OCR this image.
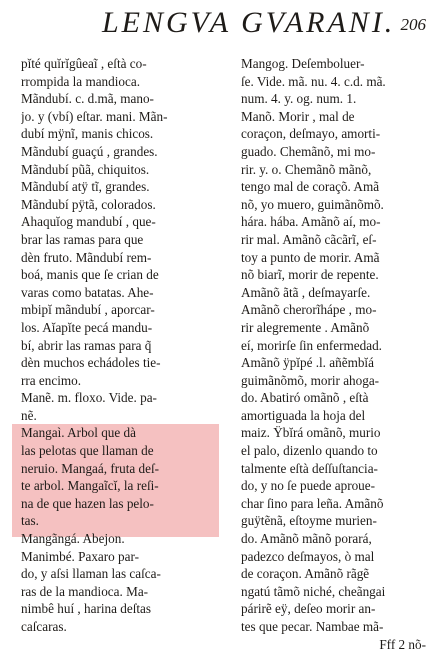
LENGVA GVARANI. 206
pĭté quĭrĭgûeaĩ , eſtà co-
rrompida la mandioca.
Mãndubí. c. d.mã, mano-
jo. y (vbí) eſtar. mani. Mãn-
dubí mÿnĩ, manis chicos.
Mãndubí guaçú , grandes.
Mãndubí pũã, chiquitos.
Mãndubí atÿ tĩ, grandes.
Mãndubí pÿtã, colorados.
Ahaquĭog mandubí , que-
brar las ramas para que
dèn fruto. Mãndubí rem-
boá, manis que ſe crian de
varas como batatas. Ahe-
mbipĭ mãndubí , aporcar-
los. Aĭapĭte pecá mandu-
bí, abrir las ramas para q̃
dèn muchos echádoles tie-
rra encimo.
Manẽ. m. floxo. Vide. pa-
nẽ.
Mangaì. Arbol que dà
las pelotas que llaman de
neruio. Mangaá, fruta deſ-
te arbol. Mangaĩcĭ, la reſi-
na de que hazen las pelo-
tas.
Mangãngá. Abejon.
Manimbé. Paxaro par-
do, y aſsi llaman las caſca-
ras de la mandioca. Ma-
nimbê huí , harina deſtas
caſcaras.
Mangog. Deſemboluer-
ſe. Vide. mã. nu. 4. c.d. mã.
num. 4. y. og. num. 1.
Manõ. Morir , mal de
coraçon, deſmayo, amorti-
guado. Chemãnõ, mi mo-
rir. y. o. Chemãnõ mãnõ,
tengo mal de coraçõ. Amã
nõ, yo muero, guimãnõmõ.
hára. hába. Amãnõ aí, mo-
rir mal. Amãnõ cãcãrĩ, eſ-
toy a punto de morir. Amã
nõ biarĩ, morir de repente.
Amãnõ ãtã , deſmayarſe.
Amãnõ cherorĩhápe , mo-
rir alegremente . Amãnõ
eí, morirſe ſin enfermedad.
Amãnõ ÿpĭpé .l. añẽmbĭá
guimãnõmõ, morir ahoga-
do. Abatiró omãnõ , eſtà
amortiguada la hoja del
maiz. Ÿbĭrá omãnõ, murio
el palo, dizenlo quando to
talmente eſtà deſſuſtancia-
do, y no ſe puede aproue-
char ſino para leña. Amãnõ
guÿtẽnã, eſtoyme murien-
do. Amãnõ mãnõ porará,
padezco deſmayos, ò mal
de coraçon. Amãnõ rãgẽ
ngatú tãmõ niché, cheãngai
párirẽ eÿ, deſeo morir an-
tes que pecar. Nambae mã-
Fff 2 nõ-
